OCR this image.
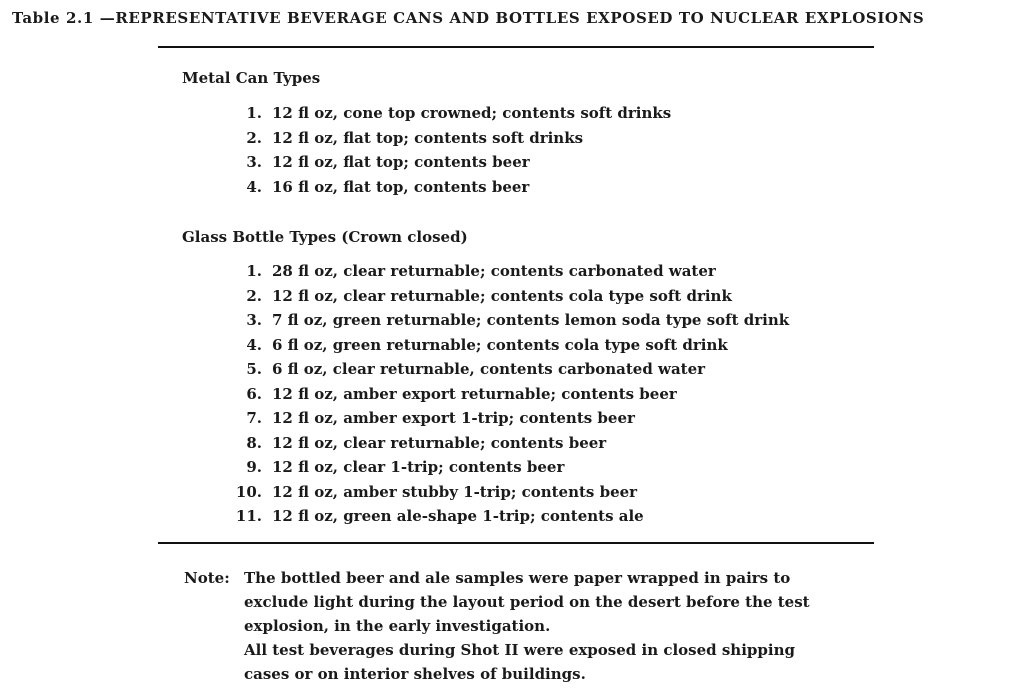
Table 2.1 —REPRESENTATIVE BEVERAGE CANS AND BOTTLES EXPOSED TO NUCLEAR EXPLOSIONS
Metal Can Types
1. 12 fl oz, cone top crowned; contents soft drinks
2. 12 fl oz, flat top; contents soft drinks
3. 12 fl oz, flat top; contents beer
4. 16 fl oz, flat top, contents beer
Glass Bottle Types (Crown closed)
1. 28 fl oz, clear returnable; contents carbonated water
2. 12 fl oz, clear returnable; contents cola type soft drink
3. 7 fl oz, green returnable; contents lemon soda type soft drink
4. 6 fl oz, green returnable; contents cola type soft drink
5. 6 fl oz, clear returnable, contents carbonated water
6. 12 fl oz, amber export returnable; contents beer
7. 12 fl oz, amber export 1-trip; contents beer
8. 12 fl oz, clear returnable; contents beer
9. 12 fl oz, clear 1-trip; contents beer
10. 12 fl oz, amber stubby 1-trip; contents beer
11. 12 fl oz, green ale-shape 1-trip; contents ale
Note: The bottled beer and ale samples were paper wrapped in pairs to
exclude light during the layout period on the desert before the test
explosion, in the early investigation.
All test beverages during Shot II were exposed in closed shipping
cases or on interior shelves of buildings.
